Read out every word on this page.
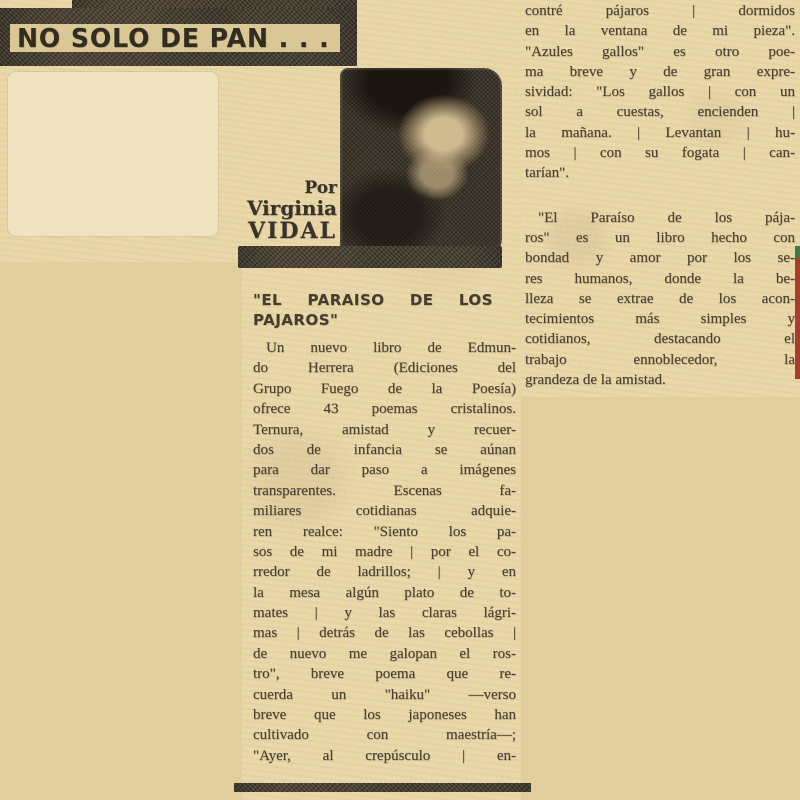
NO SOLO DE PAN . . .
Por
Virginia
VIDAL
"EL PARAISO DE LOS
PAJAROS"
Un nuevo libro de Edmun-
do Herrera (Ediciones del
Grupo Fuego de la Poesía)
ofrece 43 poemas cristalinos.
Ternura, amistad y recuer-
dos de infancia se aúnan
para dar paso a imágenes
transparentes. Escenas fa-
miliares cotidianas adquie-
ren realce: "Siento los pa-
sos de mi madre | por el co-
rredor de ladrillos; | y en
la mesa algún plato de to-
mates | y las claras lágri-
mas | detrás de las cebollas |
de nuevo me galopan el ros-
tro", breve poema que re-
cuerda un "haiku" —verso
breve que los japoneses han
cultivado con maestría—;
"Ayer, al crepúsculo | en-
contré pájaros | dormidos
en la ventana de mi pieza".
"Azules gallos" es otro poe-
ma breve y de gran expre-
sividad: "Los gallos | con un
sol a cuestas, encienden |
la mañana. | Levantan | hu-
mos | con su fogata | can-
tarían".
"El Paraíso de los pája-
ros" es un libro hecho con
bondad y amor por los se-
res humanos, donde la be-
lleza se extrae de los acon-
tecimientos más simples y
cotidianos, destacando el
trabajo ennoblecedor, la
grandeza de la amistad.
